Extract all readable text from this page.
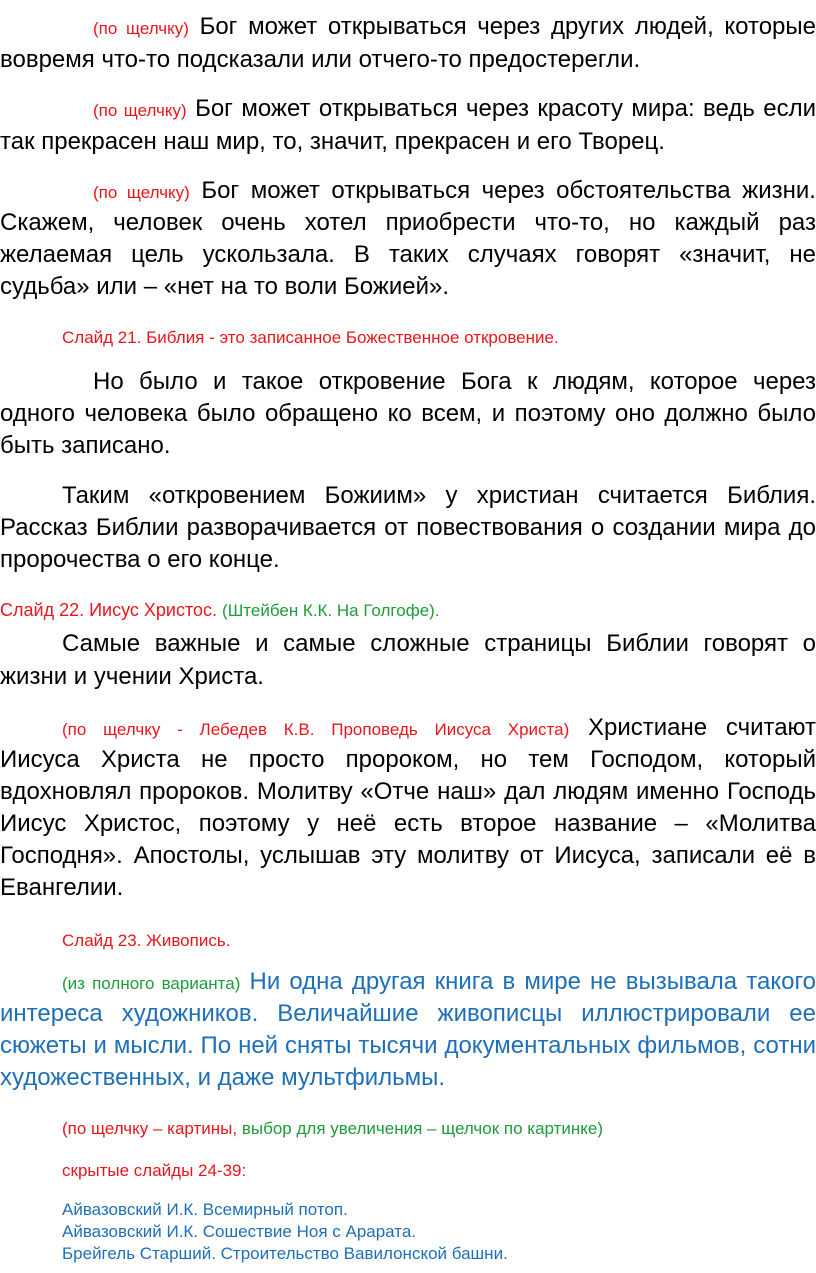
(по щелчку) Бог может открываться через других людей, которые

вовремя что-то подсказали или отчего-то предостерегли.

(по щелчку) Бог может открываться через красоту мира: ведь если

так прекрасен наш мир, то, значит, прекрасен и его Творец.

(по щелчку) Бог может открываться через обстоятельства жизни.

Скажем, человек очень хотел приобрести что-то, но каждый раз

желаемая цель ускользала. В таких случаях говорят «значит, не

судьба» или – «нет на то воли Божией».

Слайд 21. Библия - это записанное Божественное откровение.

Но было и такое откровение Бога к людям, которое через

одного человека было обращено ко всем, и поэтому оно должно было

быть записано.

Таким «откровением Божиим» у христиан считается Библия.

Рассказ Библии разворачивается от повествования о создании мира до

пророчества о его конце.

Слайд 22. Иисус Христос. (Штейбен К.К. На Голгофе).

Самые важные и самые сложные страницы Библии говорят о

жизни и учении Христа.

(по щелчку - Лебедев К.В. Проповедь Иисуса Христа) Христиане считают

Иисуса Христа не просто пророком, но тем Господом, который

вдохновлял пророков. Молитву «Отче наш» дал людям именно Господь

Иисус Христос, поэтому у неё есть второе название – «Молитва

Господня». Апостолы, услышав эту молитву от Иисуса, записали её в

Евангелии.

Слайд 23. Живопись.

(из полного варианта) Ни одна другая книга в мире не вызывала такого

интереса художников. Величайшие живописцы иллюстрировали ее

сюжеты и мысли. По ней сняты тысячи документальных фильмов, сотни

художественных, и даже мультфильмы.

(по щелчку – картины, выбор для увеличения – щелчок по картинке)

скрытые слайды 24-39:

Айвазовский И.К. Всемирный потоп.

Айвазовский И.К. Сошествие Ноя с Арарата.

Брейгель Старший. Строительство Вавилонской башни.
